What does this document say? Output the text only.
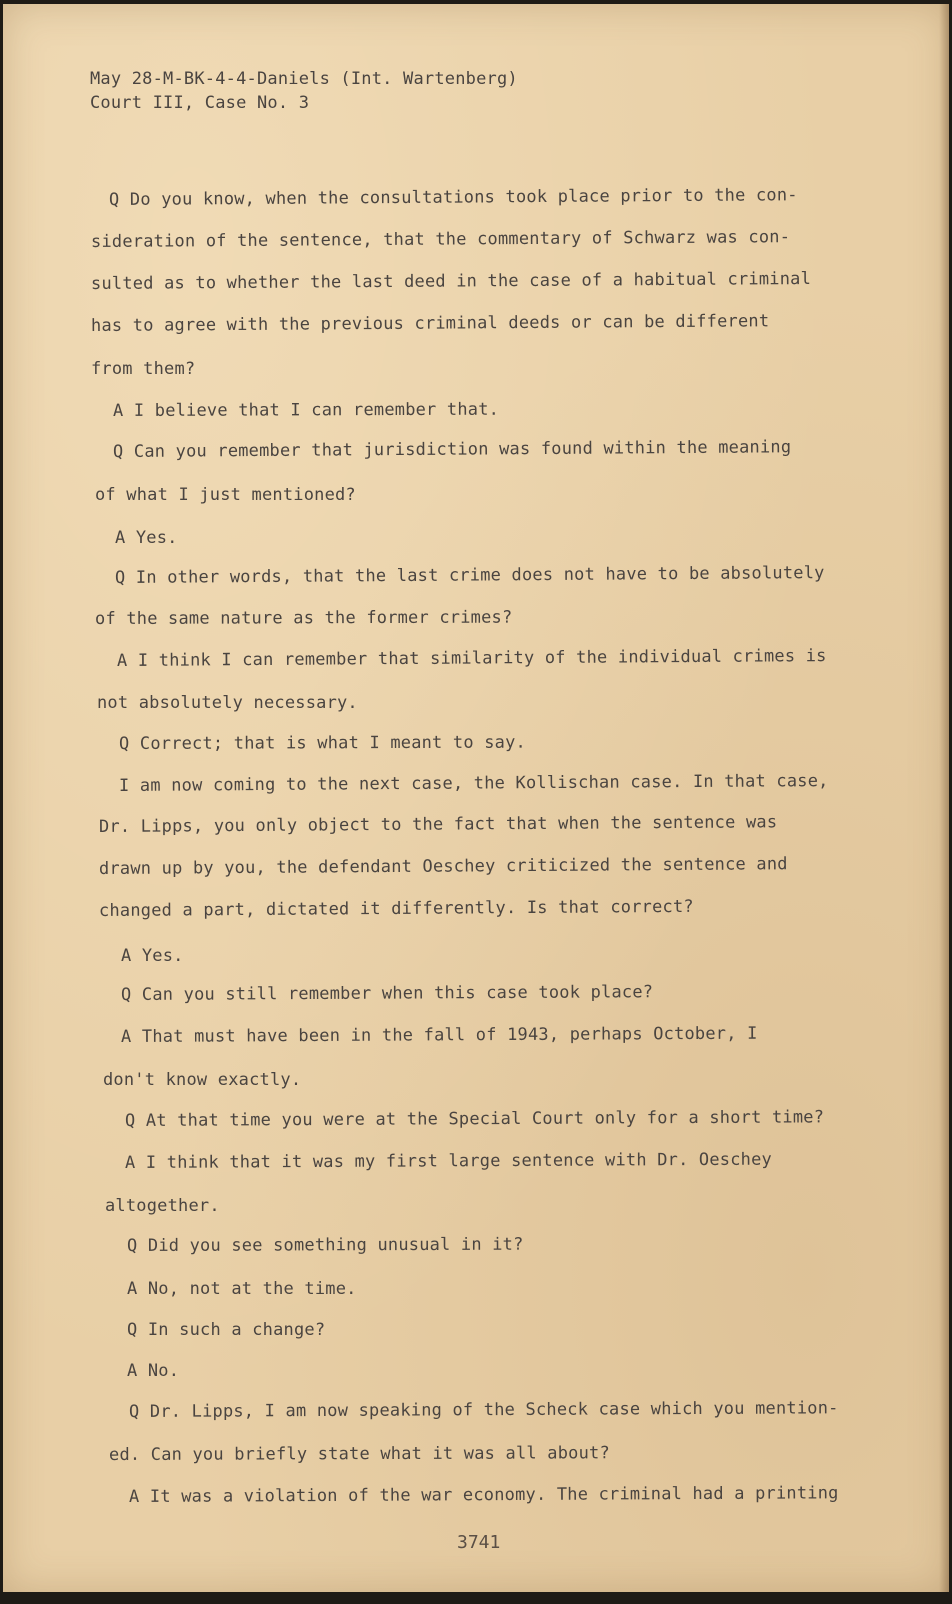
May 28-M-BK-4-4-Daniels (Int. Wartenberg)
Court III, Case No. 3
Q Do you know, when the consultations took place prior to the con-
sideration of the sentence, that the commentary of Schwarz was con-
sulted as to whether the last deed in the case of a habitual criminal
has to agree with the previous criminal deeds or can be different
from them?
A I believe that I can remember that.
Q Can you remember that jurisdiction was found within the meaning
of what I just mentioned?
A Yes.
Q In other words, that the last crime does not have to be absolutely
of the same nature as the former crimes?
A I think I can remember that similarity of the individual crimes is
not absolutely necessary.
Q Correct; that is what I meant to say.
I am now coming to the next case, the Kollischan case. In that case,
Dr. Lipps, you only object to the fact that when the sentence was
drawn up by you, the defendant Oeschey criticized the sentence and
changed a part, dictated it differently. Is that correct?
A Yes.
Q Can you still remember when this case took place?
A That must have been in the fall of 1943, perhaps October, I
don't know exactly.
Q At that time you were at the Special Court only for a short time?
A I think that it was my first large sentence with Dr. Oeschey
altogether.
Q Did you see something unusual in it?
A No, not at the time.
Q In such a change?
A No.
Q Dr. Lipps, I am now speaking of the Scheck case which you mention-
ed. Can you briefly state what it was all about?
A It was a violation of the war economy. The criminal had a printing
3741
